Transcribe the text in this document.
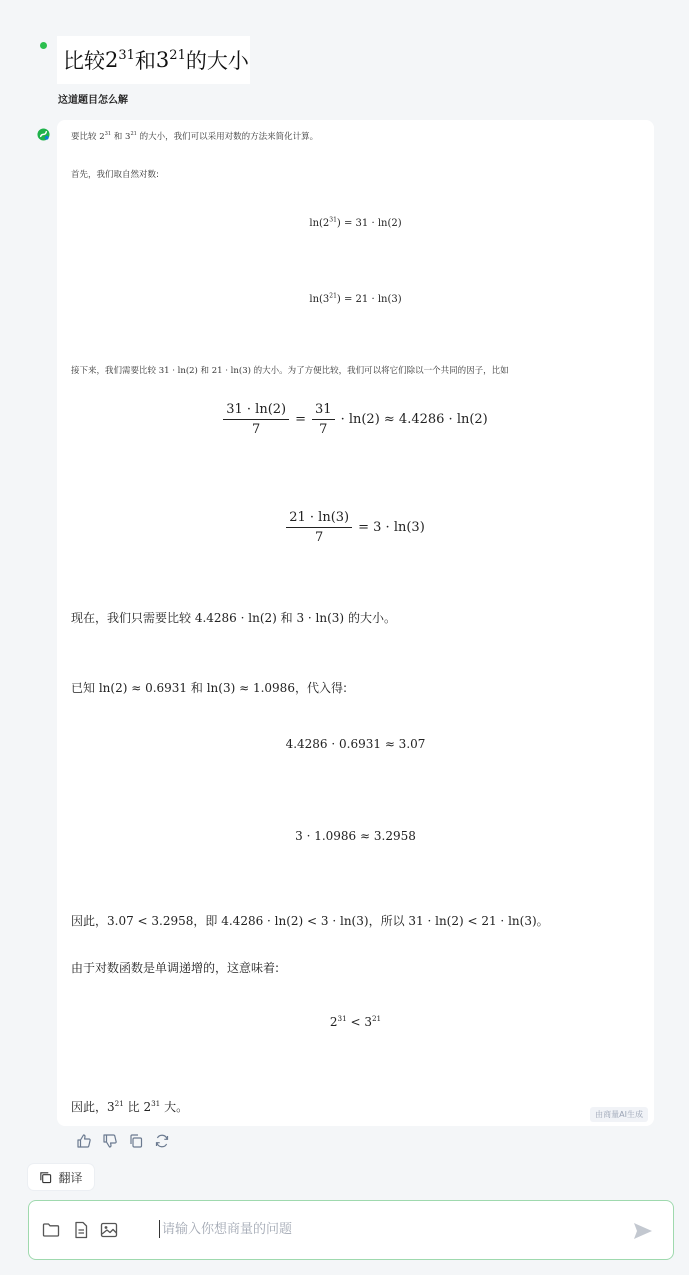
比较 $2^{31}$ 和 $3^{21}$ 的大小
这道题目怎么解
要比较 $2^{31}$ 和 $3^{21}$ 的大小，我们可以采用对数的方法来简化计算。
首先，我们取自然对数:
$\ln(2^{31}) = 31 \cdot \ln(2)$
$\ln(3^{21}) = 21 \cdot \ln(3)$
接下来，我们需要比较 31 · ln(2) 和 21 · ln(3) 的大小。为了方便比较，我们可以将它们除以一个共同的因子，比如
$\frac{31 \cdot \ln(2)}{7} = \frac{31}{7} \cdot \ln(2) \approx 4.4286 \cdot \ln(2)$
$\frac{21 \cdot \ln(3)}{7} = 3 \cdot \ln(3)$
现在，我们只需要比较 4.4286 · ln(2) 和 3 · ln(3) 的大小。
已知 ln(2) ≈ 0.6931 和 ln(3) ≈ 1.0986，代入得:
4.4286 · 0.6931 ≈ 3.07
3 · 1.0986 ≈ 3.2958
因此，3.07 < 3.2958，即 4.4286 · ln(2) < 3 · ln(3)，所以 31 · ln(2) < 21 · ln(3)。
由于对数函数是单调递增的，这意味着:
$2^{31} < 3^{21}$
因此，$3^{21}$ 比 $2^{31}$ 大。
由商量AI生成
翻译
请输入你想商量的问题
